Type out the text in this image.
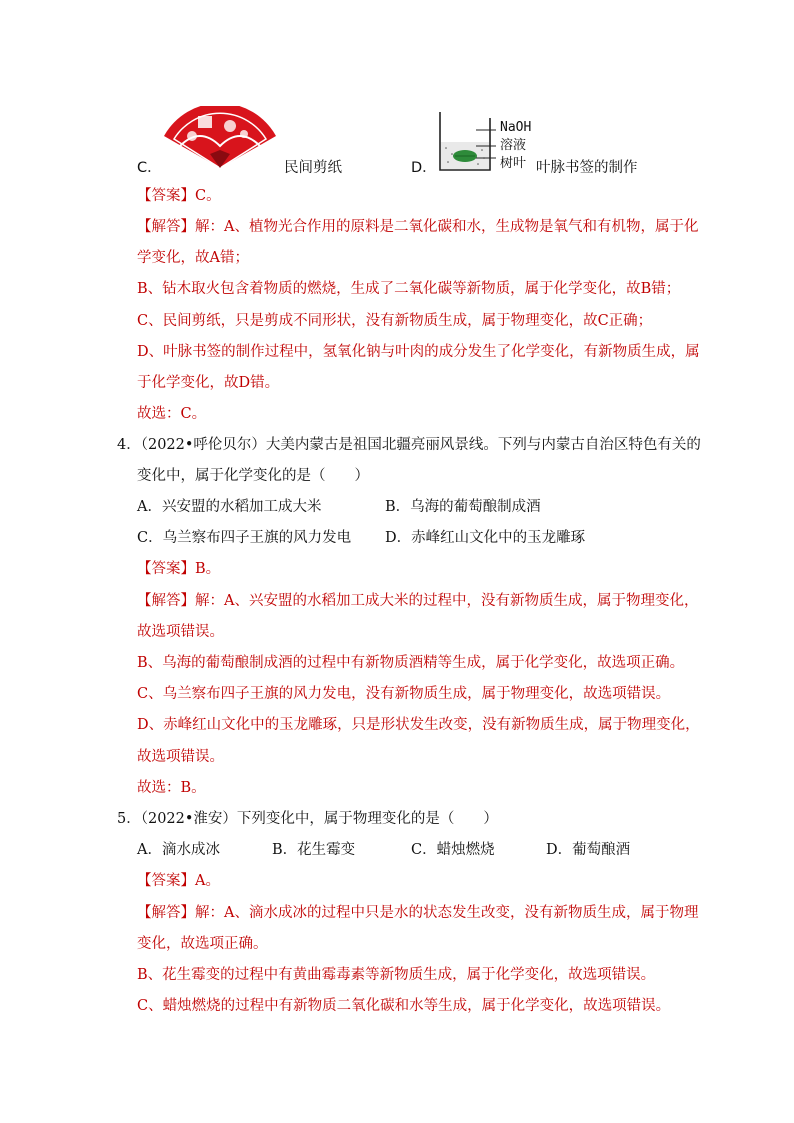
C．	民间剪纸	D．
NaOH
溶液
树叶 叶脉书签的制作
【答案】C。
【解答】解：A、植物光合作用的原料是二氧化碳和水，生成物是氧气和有机物，属于化
学变化，故A错；
B、钻木取火包含着物质的燃烧，生成了二氧化碳等新物质，属于化学变化，故B错；
C、民间剪纸，只是剪成不同形状，没有新物质生成，属于物理变化，故C正确；
D、叶脉书签的制作过程中，氢氧化钠与叶肉的成分发生了化学变化，有新物质生成，属
于化学变化，故D错。
故选：C。
4．（2022•呼伦贝尔）大美内蒙古是祖国北疆亮丽风景线。下列与内蒙古自治区特色有关的
变化中，属于化学变化的是（　　）
A．兴安盟的水稻加工成大米	B．乌海的葡萄酿制成酒
C．乌兰察布四子王旗的风力发电 D．赤峰红山文化中的玉龙雕琢
【答案】B。
【解答】解：A、兴安盟的水稻加工成大米的过程中，没有新物质生成，属于物理变化，
故选项错误。
B、乌海的葡萄酿制成酒的过程中有新物质酒精等生成，属于化学变化，故选项正确。
C、乌兰察布四子王旗的风力发电，没有新物质生成，属于物理变化，故选项错误。
D、赤峰红山文化中的玉龙雕琢，只是形状发生改变，没有新物质生成，属于物理变化，
故选项错误。
故选：B。
5．（2022•淮安）下列变化中，属于物理变化的是（　　）
A．滴水成冰	B．花生霉变	C．蜡烛燃烧	D．葡萄酿酒
【答案】A。
【解答】解：A、滴水成冰的过程中只是水的状态发生改变，没有新物质生成，属于物理
变化，故选项正确。
B、花生霉变的过程中有黄曲霉毒素等新物质生成，属于化学变化，故选项错误。
C、蜡烛燃烧的过程中有新物质二氧化碳和水等生成，属于化学变化，故选项错误。
